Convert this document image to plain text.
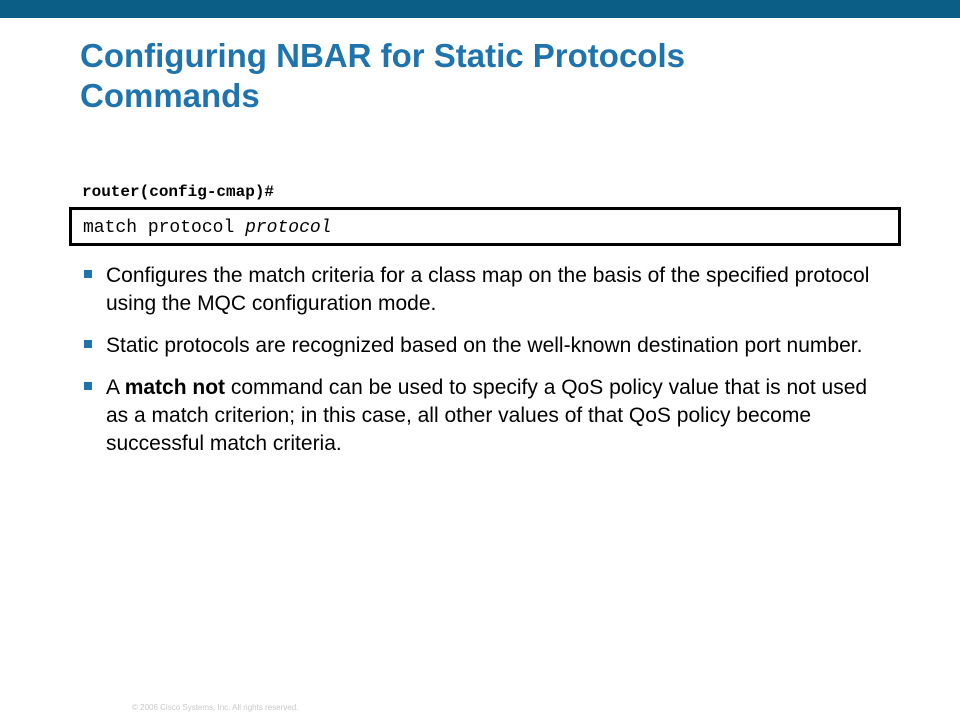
Configuring NBAR for Static Protocols
Commands
router(config-cmap)#
match protocol protocol
Configures the match criteria for a class map on the basis of the specified protocol using the MQC configuration mode.
Static protocols are recognized based on the well-known destination port number.
A match not command can be used to specify a QoS policy value that is not used as a match criterion; in this case, all other values of that QoS policy become successful match criteria.
© 2006 Cisco Systems, Inc. All rights reserved.
